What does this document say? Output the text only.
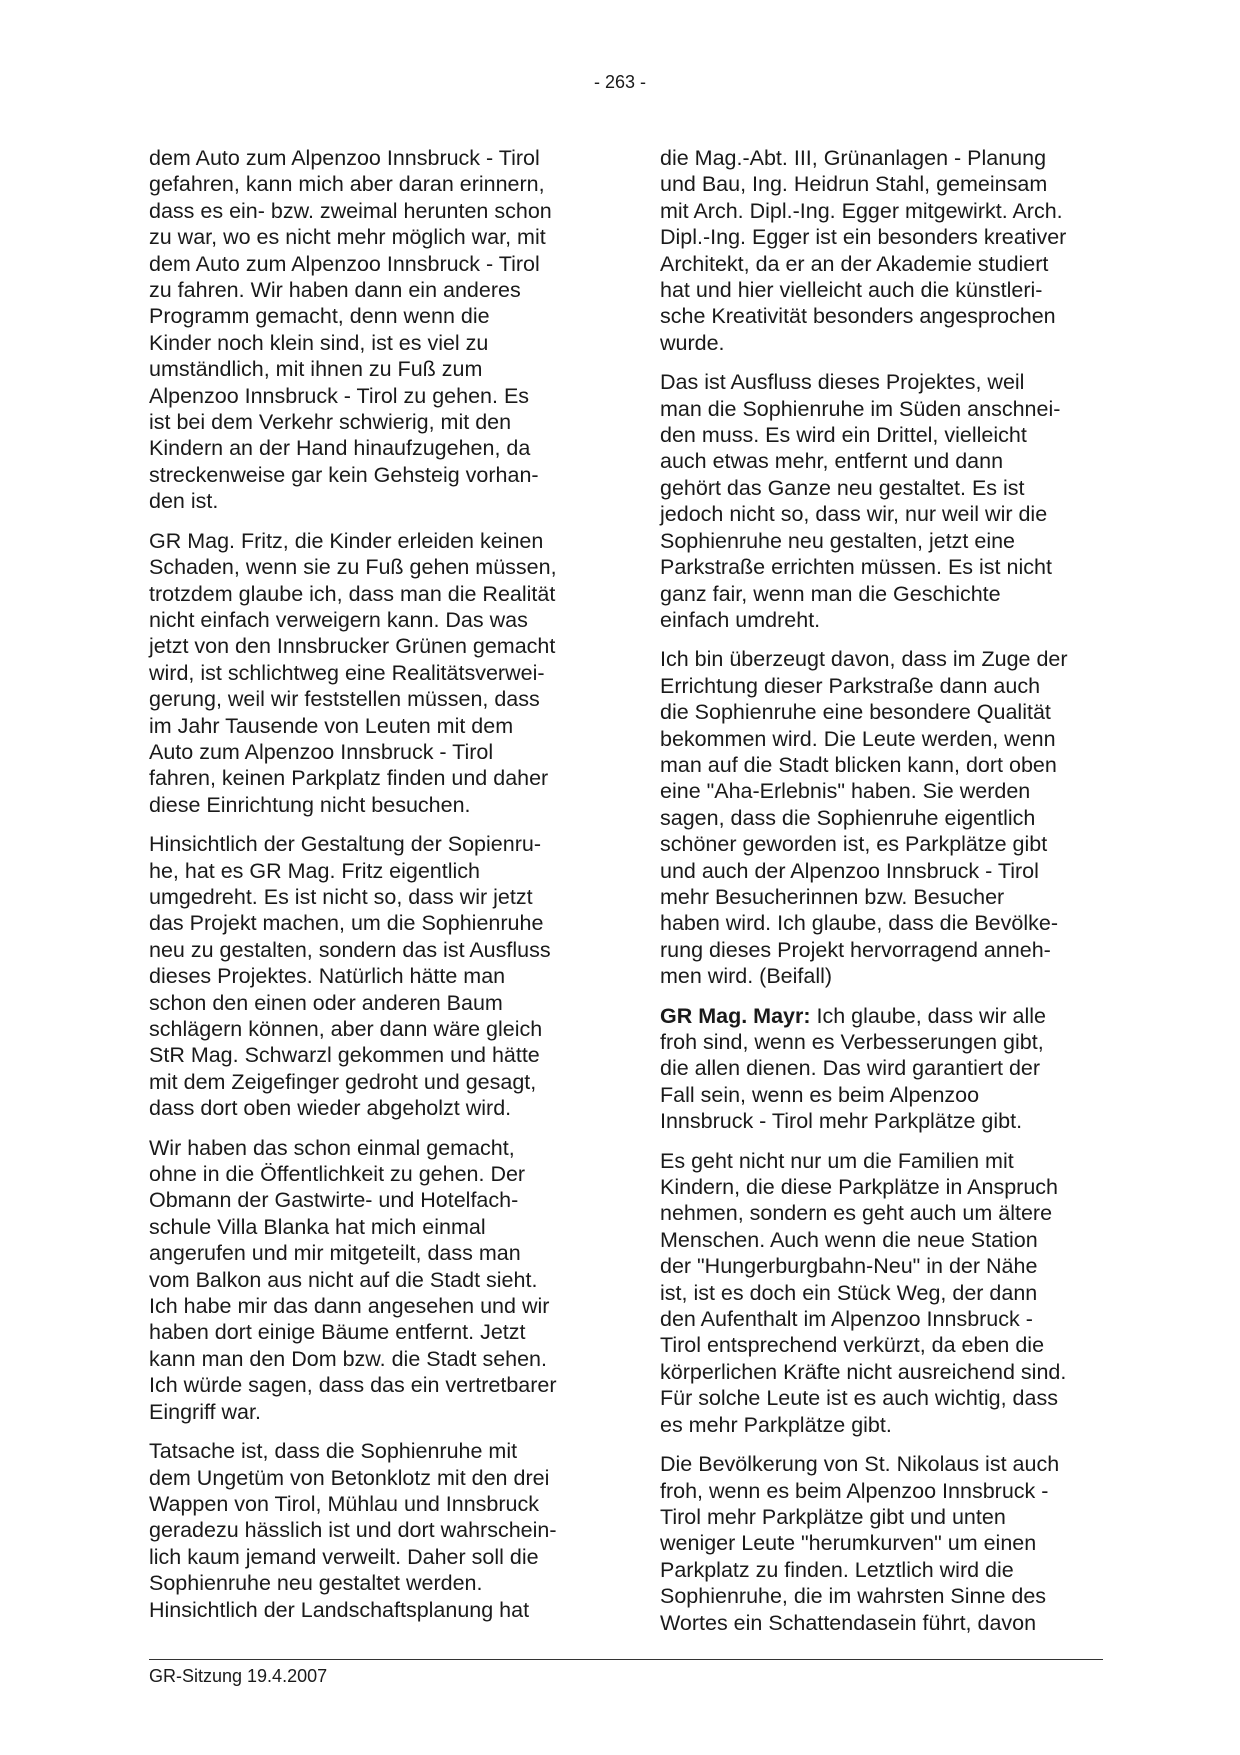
- 263 -

dem Auto zum Alpenzoo Innsbruck - Tirol
gefahren, kann mich aber daran erinnern,
dass es ein- bzw. zweimal herunten schon
zu war, wo es nicht mehr möglich war, mit
dem Auto zum Alpenzoo Innsbruck - Tirol
zu fahren. Wir haben dann ein anderes
Programm gemacht, denn wenn die
Kinder noch klein sind, ist es viel zu
umständlich, mit ihnen zu Fuß zum
Alpenzoo Innsbruck - Tirol zu gehen. Es
ist bei dem Verkehr schwierig, mit den
Kindern an der Hand hinaufzugehen, da
streckenweise gar kein Gehsteig vorhan-
den ist.

GR Mag. Fritz, die Kinder erleiden keinen
Schaden, wenn sie zu Fuß gehen müssen,
trotzdem glaube ich, dass man die Realität
nicht einfach verweigern kann. Das was
jetzt von den Innsbrucker Grünen gemacht
wird, ist schlichtweg eine Realitätsverwei-
gerung, weil wir feststellen müssen, dass
im Jahr Tausende von Leuten mit dem
Auto zum Alpenzoo Innsbruck - Tirol
fahren, keinen Parkplatz finden und daher
diese Einrichtung nicht besuchen.

Hinsichtlich der Gestaltung der Sopienru-
he, hat es GR Mag. Fritz eigentlich
umgedreht. Es ist nicht so, dass wir jetzt
das Projekt machen, um die Sophienruhe
neu zu gestalten, sondern das ist Ausfluss
dieses Projektes. Natürlich hätte man
schon den einen oder anderen Baum
schlägern können, aber dann wäre gleich
StR Mag. Schwarzl gekommen und hätte
mit dem Zeigefinger gedroht und gesagt,
dass dort oben wieder abgeholzt wird.

Wir haben das schon einmal gemacht,
ohne in die Öffentlichkeit zu gehen. Der
Obmann der Gastwirte- und Hotelfach-
schule Villa Blanka hat mich einmal
angerufen und mir mitgeteilt, dass man
vom Balkon aus nicht auf die Stadt sieht.
Ich habe mir das dann angesehen und wir
haben dort einige Bäume entfernt. Jetzt
kann man den Dom bzw. die Stadt sehen.
Ich würde sagen, dass das ein vertretbarer
Eingriff war.

Tatsache ist, dass die Sophienruhe mit
dem Ungetüm von Betonklotz mit den drei
Wappen von Tirol, Mühlau und Innsbruck
geradezu hässlich ist und dort wahrschein-
lich kaum jemand verweilt. Daher soll die
Sophienruhe neu gestaltet werden.
Hinsichtlich der Landschaftsplanung hat

die Mag.-Abt. III, Grünanlagen - Planung
und Bau, Ing. Heidrun Stahl, gemeinsam
mit Arch. Dipl.-Ing. Egger mitgewirkt. Arch.
Dipl.-Ing. Egger ist ein besonders kreativer
Architekt, da er an der Akademie studiert
hat und hier vielleicht auch die künstleri-
sche Kreativität besonders angesprochen
wurde.

Das ist Ausfluss dieses Projektes, weil
man die Sophienruhe im Süden anschnei-
den muss. Es wird ein Drittel, vielleicht
auch etwas mehr, entfernt und dann
gehört das Ganze neu gestaltet. Es ist
jedoch nicht so, dass wir, nur weil wir die
Sophienruhe neu gestalten, jetzt eine
Parkstraße errichten müssen. Es ist nicht
ganz fair, wenn man die Geschichte
einfach umdreht.

Ich bin überzeugt davon, dass im Zuge der
Errichtung dieser Parkstraße dann auch
die Sophienruhe eine besondere Qualität
bekommen wird. Die Leute werden, wenn
man auf die Stadt blicken kann, dort oben
eine "Aha-Erlebnis" haben. Sie werden
sagen, dass die Sophienruhe eigentlich
schöner geworden ist, es Parkplätze gibt
und auch der Alpenzoo Innsbruck - Tirol
mehr Besucherinnen bzw. Besucher
haben wird. Ich glaube, dass die Bevölke-
rung dieses Projekt hervorragend anneh-
men wird. (Beifall)

GR Mag. Mayr: Ich glaube, dass wir alle
froh sind, wenn es Verbesserungen gibt,
die allen dienen. Das wird garantiert der
Fall sein, wenn es beim Alpenzoo
Innsbruck - Tirol mehr Parkplätze gibt.

Es geht nicht nur um die Familien mit
Kindern, die diese Parkplätze in Anspruch
nehmen, sondern es geht auch um ältere
Menschen. Auch wenn die neue Station
der "Hungerburgbahn-Neu" in der Nähe
ist, ist es doch ein Stück Weg, der dann
den Aufenthalt im Alpenzoo Innsbruck -
Tirol entsprechend verkürzt, da eben die
körperlichen Kräfte nicht ausreichend sind.
Für solche Leute ist es auch wichtig, dass
es mehr Parkplätze gibt.

Die Bevölkerung von St. Nikolaus ist auch
froh, wenn es beim Alpenzoo Innsbruck -
Tirol mehr Parkplätze gibt und unten
weniger Leute "herumkurven" um einen
Parkplatz zu finden. Letztlich wird die
Sophienruhe, die im wahrsten Sinne des
Wortes ein Schattendasein führt, davon

GR-Sitzung 19.4.2007
